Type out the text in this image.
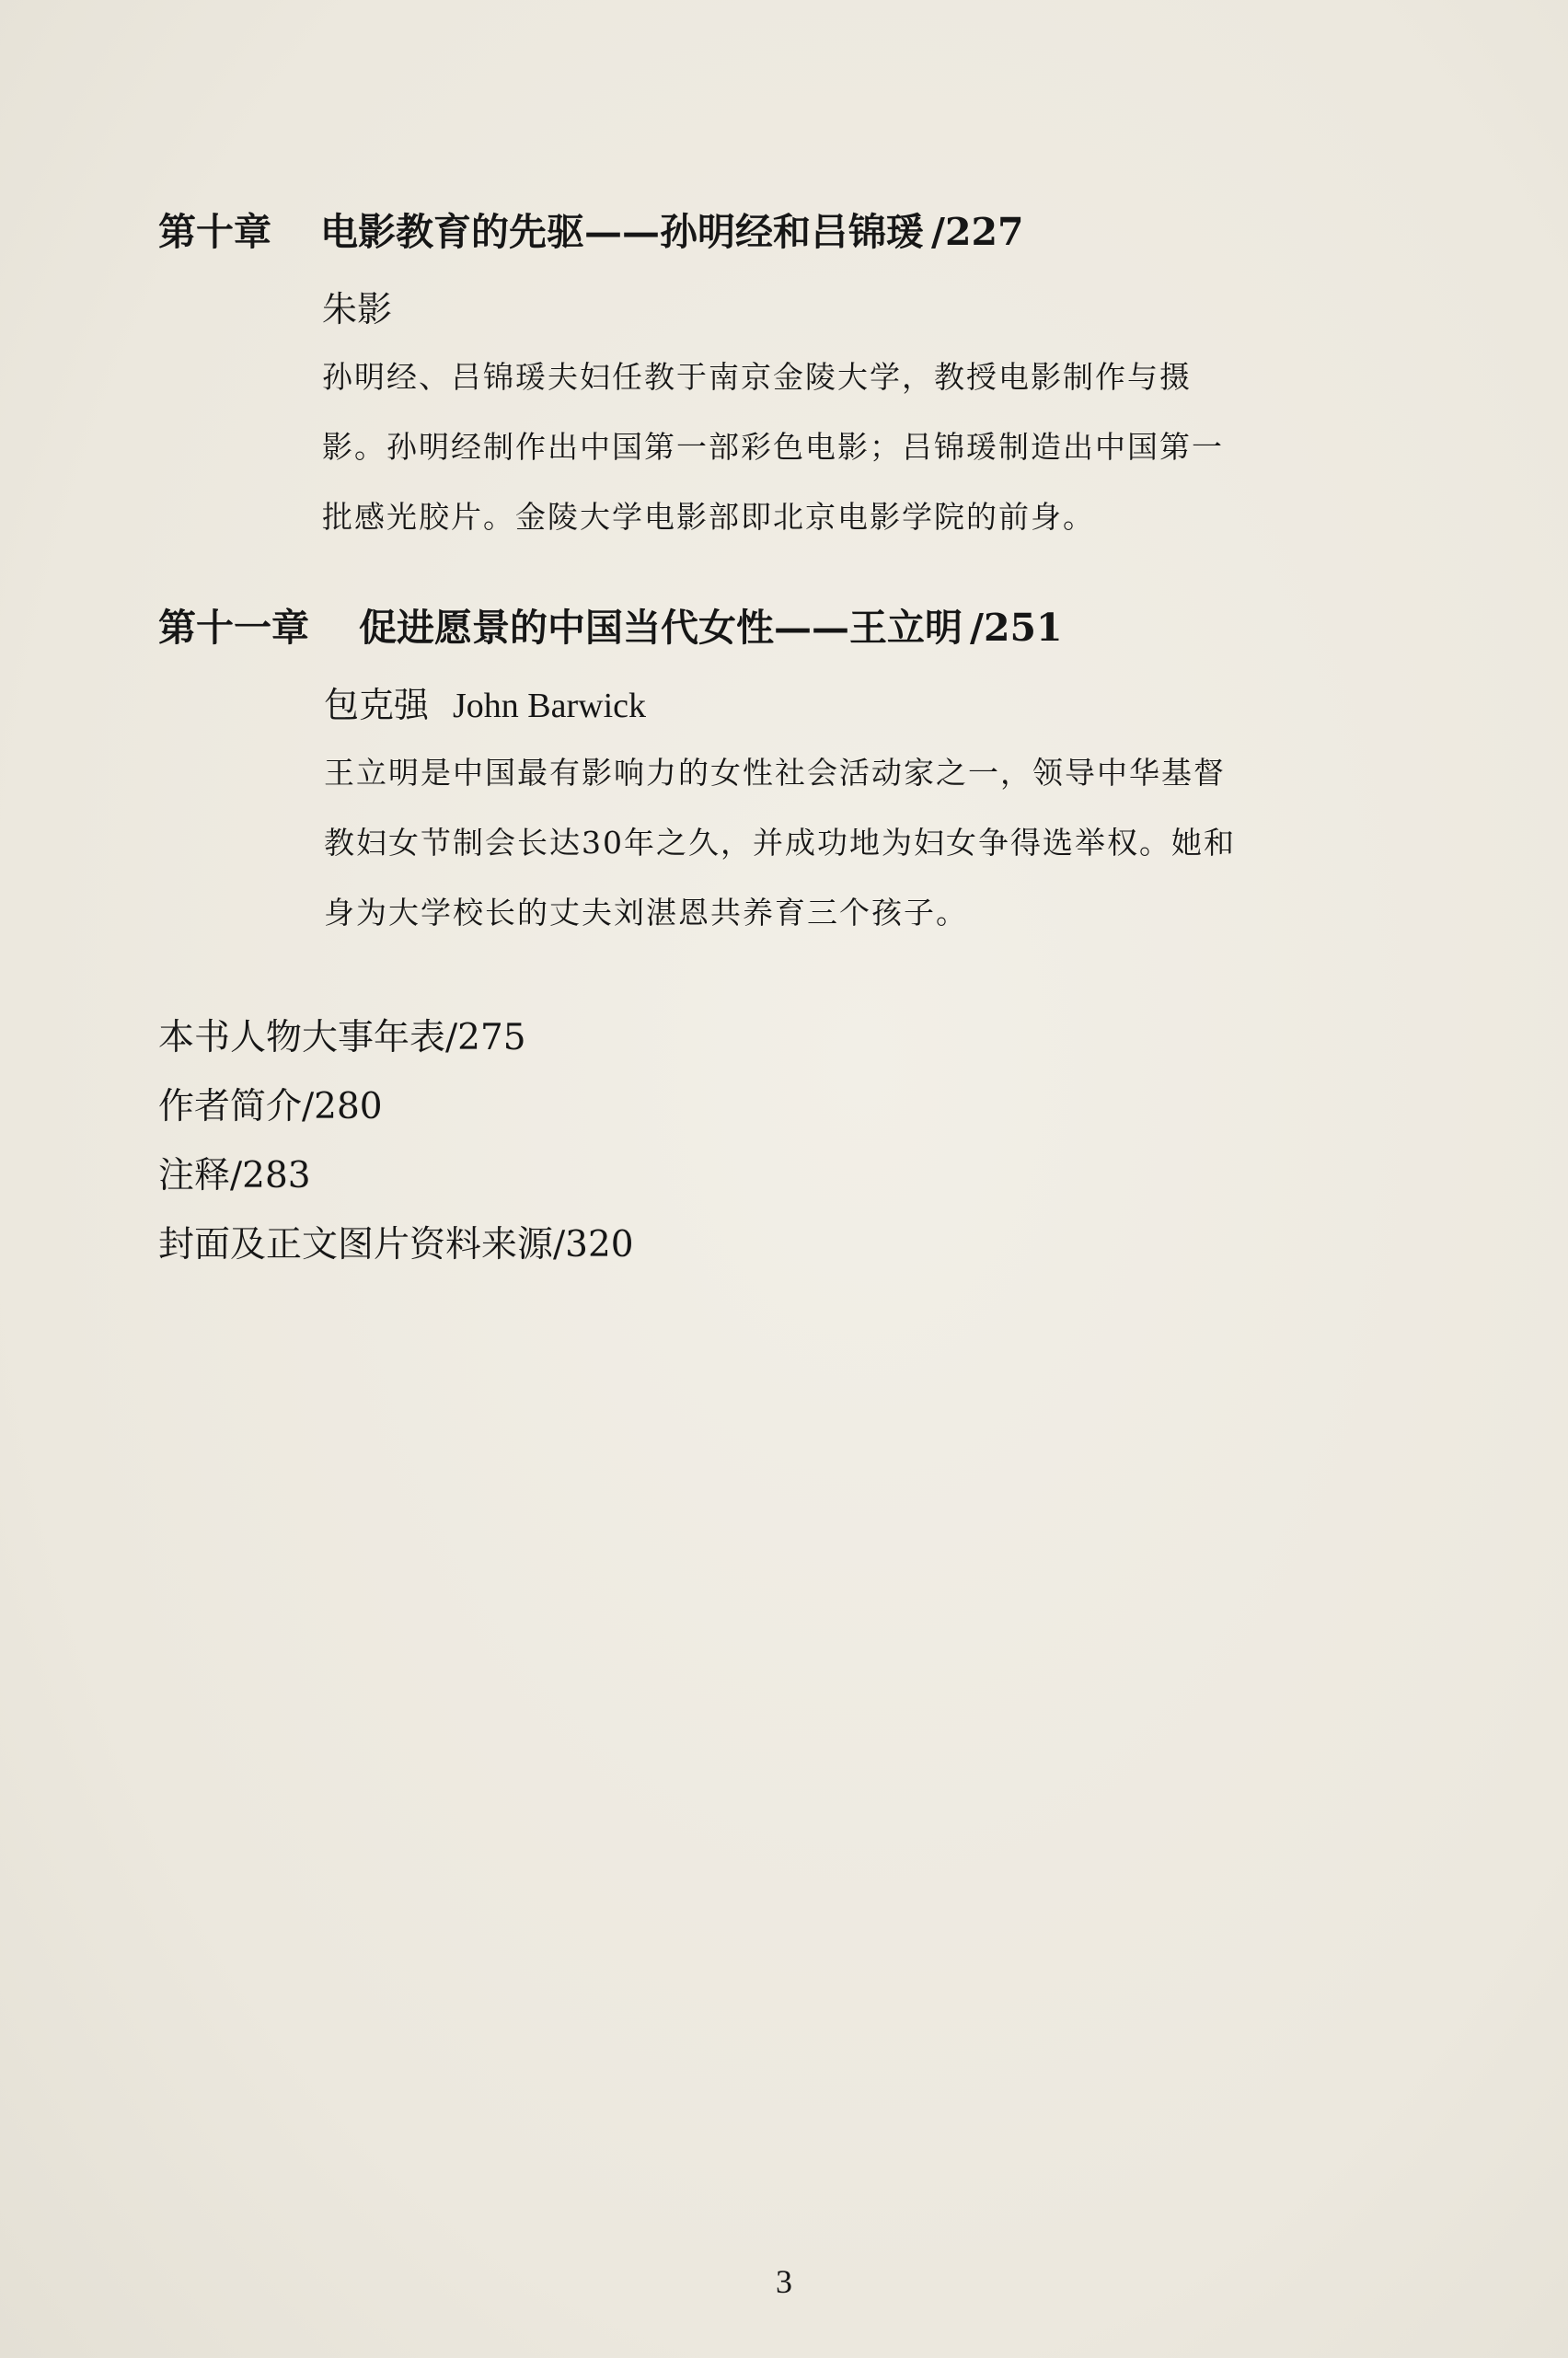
第十章 电影教育的先驱——孙明经和吕锦瑗 /227
朱影
孙明经、吕锦瑗夫妇任教于南京金陵大学，教授电影制作与摄影。孙明经制作出中国第一部彩色电影；吕锦瑗制造出中国第一批感光胶片。金陵大学电影部即北京电影学院的前身。
第十一章 促进愿景的中国当代女性——王立明 /251
包克强 John Barwick
王立明是中国最有影响力的女性社会活动家之一，领导中华基督教妇女节制会长达30年之久，并成功地为妇女争得选举权。她和身为大学校长的丈夫刘湛恩共养育三个孩子。
本书人物大事年表/275
作者简介/280
注释/283
封面及正文图片资料来源/320
3
